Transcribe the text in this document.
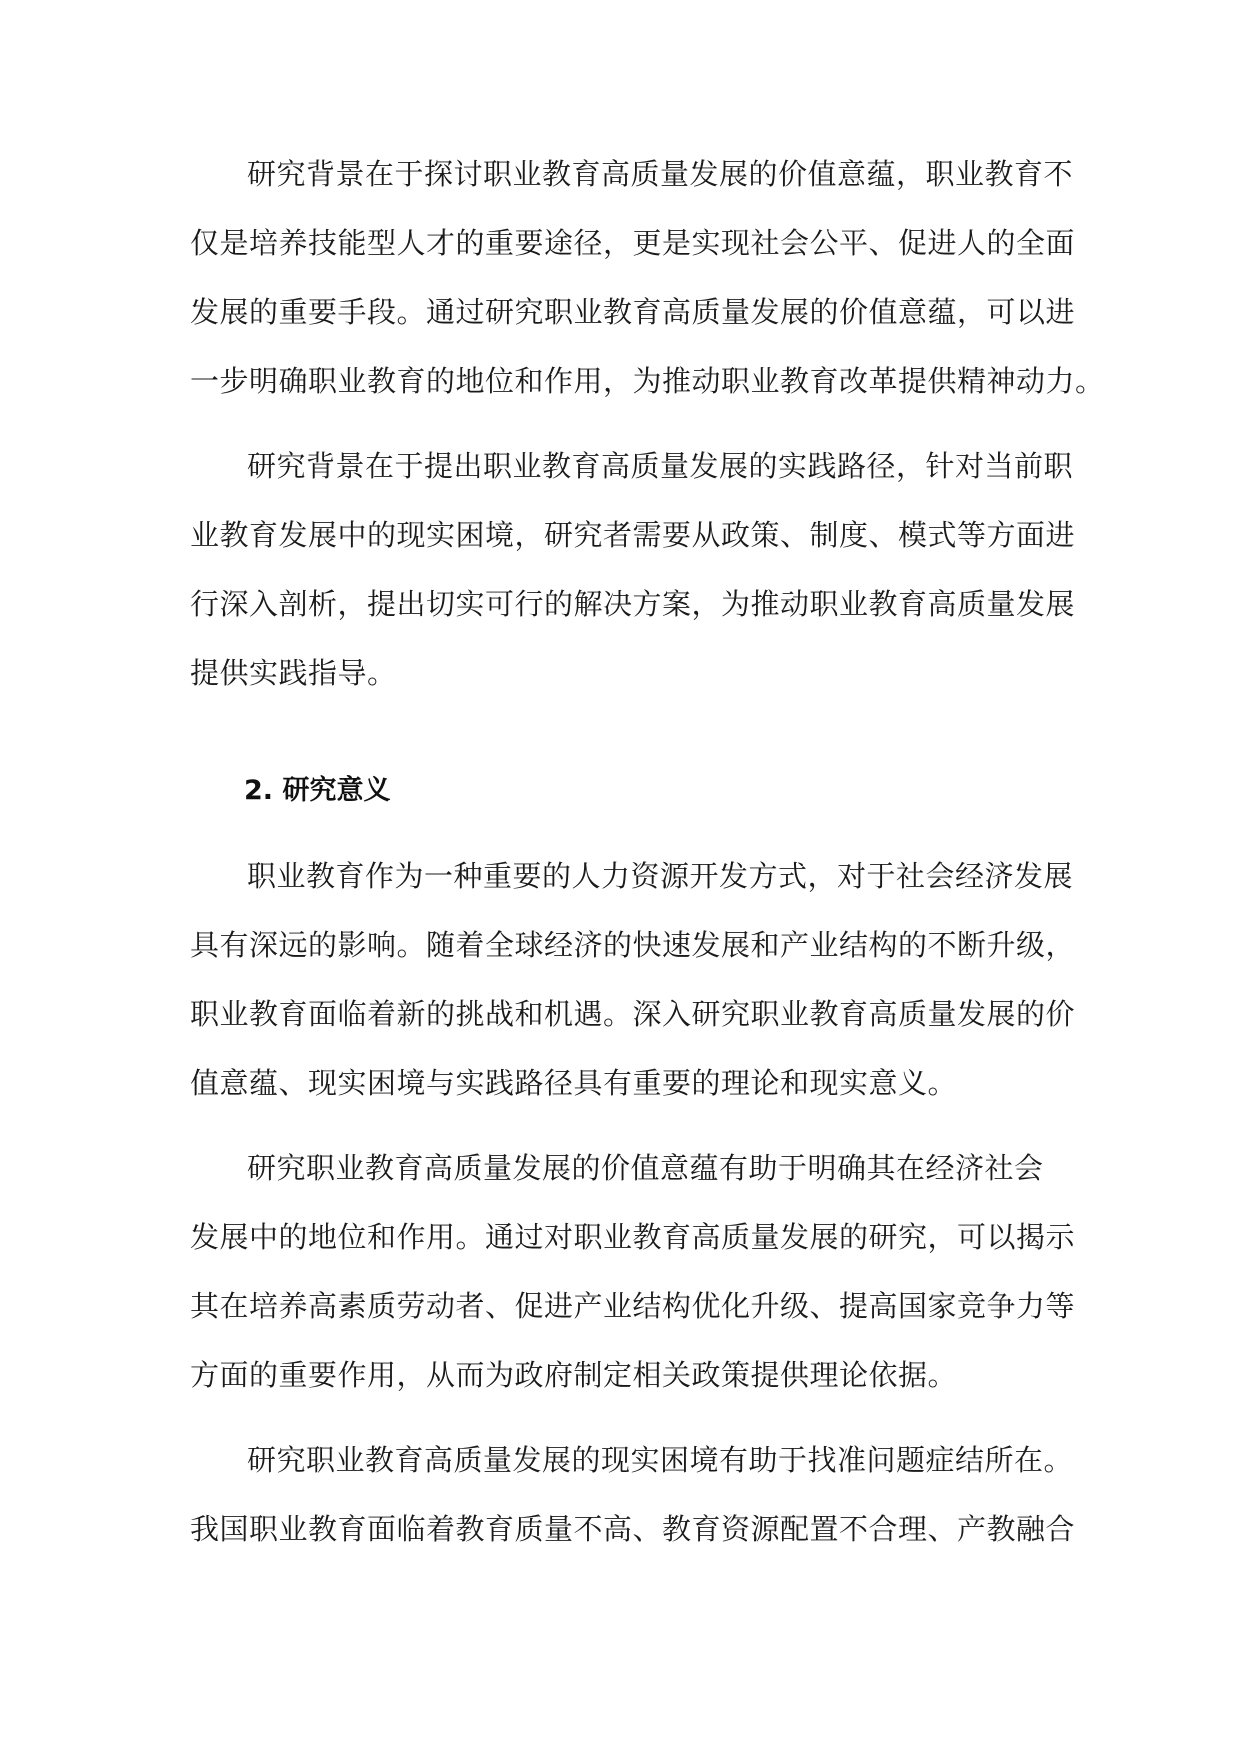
研究背景在于探讨职业教育高质量发展的价值意蕴，职业教育不
仅是培养技能型人才的重要途径，更是实现社会公平、促进人的全面
发展的重要手段。通过研究职业教育高质量发展的价值意蕴，可以进
一步明确职业教育的地位和作用，为推动职业教育改革提供精神动力。
研究背景在于提出职业教育高质量发展的实践路径，针对当前职
业教育发展中的现实困境，研究者需要从政策、制度、模式等方面进
行深入剖析，提出切实可行的解决方案，为推动职业教育高质量发展
提供实践指导。
2. 研究意义
职业教育作为一种重要的人力资源开发方式，对于社会经济发展
具有深远的影响。随着全球经济的快速发展和产业结构的不断升级，
职业教育面临着新的挑战和机遇。深入研究职业教育高质量发展的价
值意蕴、现实困境与实践路径具有重要的理论和现实意义。
研究职业教育高质量发展的价值意蕴有助于明确其在经济社会
发展中的地位和作用。通过对职业教育高质量发展的研究，可以揭示
其在培养高素质劳动者、促进产业结构优化升级、提高国家竞争力等
方面的重要作用，从而为政府制定相关政策提供理论依据。
研究职业教育高质量发展的现实困境有助于找准问题症结所在。
我国职业教育面临着教育质量不高、教育资源配置不合理、产教融合
